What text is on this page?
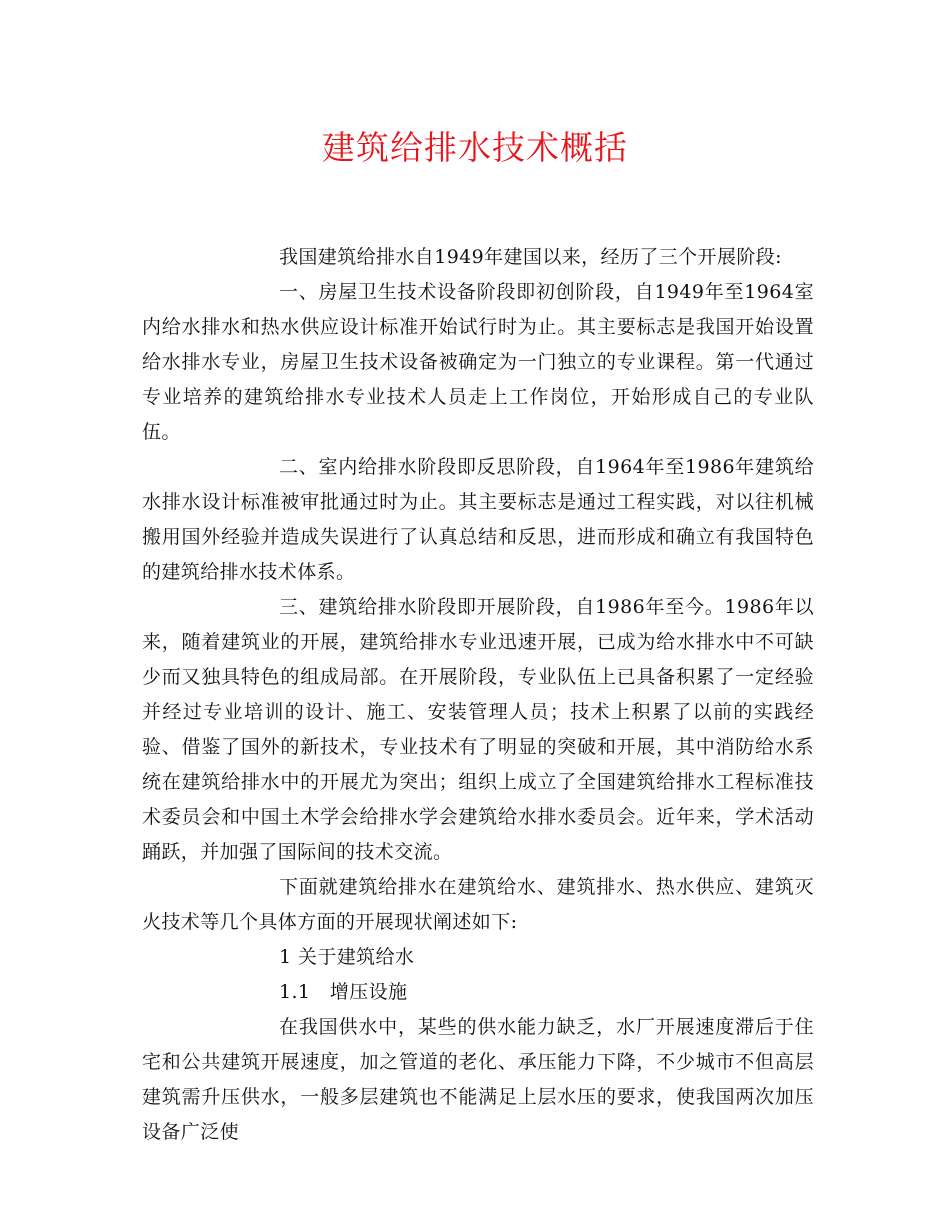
建筑给排水技术概括

我国建筑给排水自1949年建国以来，经历了三个开展阶段:

一、房屋卫生技术设备阶段即初创阶段，自1949年至1964室内给水排水和热水供应设计标准开始试行时为止。其主要标志是我国开始设置给水排水专业，房屋卫生技术设备被确定为一门独立的专业课程。第一代通过专业培养的建筑给排水专业技术人员走上工作岗位，开始形成自己的专业队伍。

二、室内给排水阶段即反思阶段，自1964年至1986年建筑给水排水设计标准被审批通过时为止。其主要标志是通过工程实践，对以往机械搬用国外经验并造成失误进行了认真总结和反思，进而形成和确立有我国特色的建筑给排水技术体系。

三、建筑给排水阶段即开展阶段，自1986年至今。1986年以来，随着建筑业的开展，建筑给排水专业迅速开展，已成为给水排水中不可缺少而又独具特色的组成局部。在开展阶段，专业队伍上已具备积累了一定经验并经过专业培训的设计、施工、安装管理人员；技术上积累了以前的实践经验、借鉴了国外的新技术，专业技术有了明显的突破和开展，其中消防给水系统在建筑给排水中的开展尤为突出；组织上成立了全国建筑给排水工程标准技术委员会和中国土木学会给排水学会建筑给水排水委员会。近年来，学术活动踊跃，并加强了国际间的技术交流。

下面就建筑给排水在建筑给水、建筑排水、热水供应、建筑灭火技术等几个具体方面的开展现状阐述如下:

1 关于建筑给水

1.1　增压设施

在我国供水中，某些的供水能力缺乏，水厂开展速度滞后于住宅和公共建筑开展速度，加之管道的老化、承压能力下降，不少城市不但高层建筑需升压供水，一般多层建筑也不能满足上层水压的要求，使我国两次加压设备广泛使
